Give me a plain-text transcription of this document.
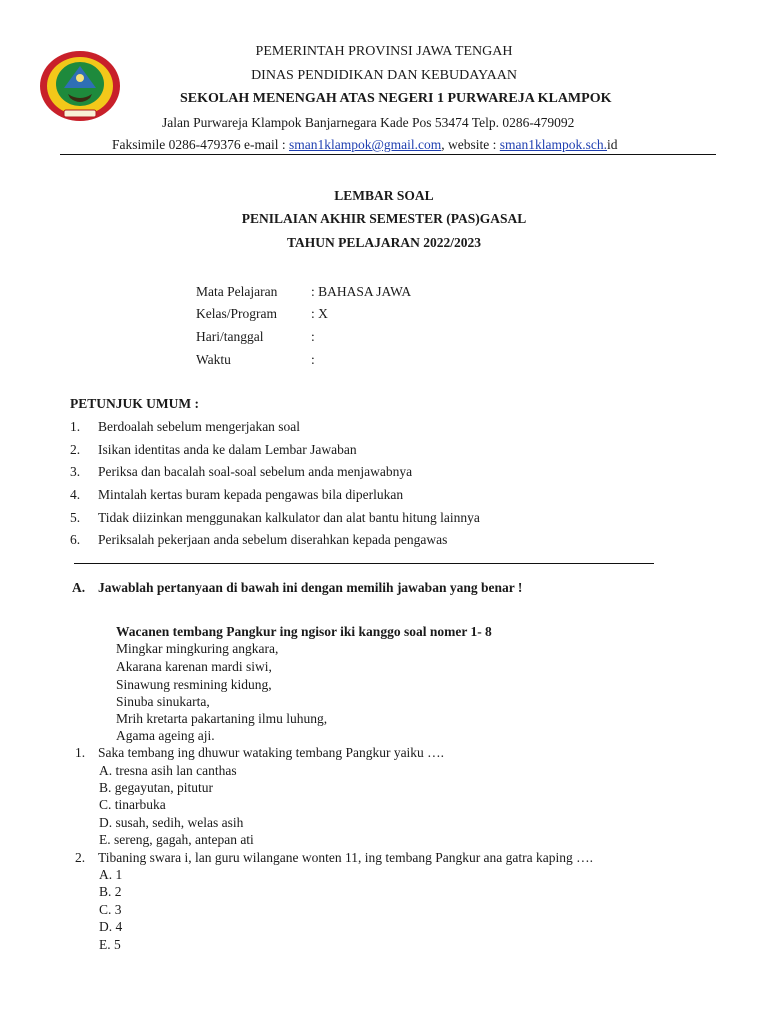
PEMERINTAH PROVINSI JAWA TENGAH
DINAS PENDIDIKAN DAN KEBUDAYAAN
SEKOLAH MENENGAH ATAS NEGERI 1 PURWAREJA KLAMPOK
Jalan Purwareja Klampok Banjarnegara Kade Pos 53474 Telp. 0286-479092
Faksimile 0286-479376 e-mail : sman1klampok@gmail.com, website : sman1klampok.sch.id
LEMBAR SOAL
PENILAIAN AKHIR SEMESTER (PAS)GASAL
TAHUN PELAJARAN 2022/2023
Mata Pelajaran : BAHASA JAWA
Kelas/Program	: X
Hari/tanggal	:
Waktu	:
PETUNJUK UMUM :
1. Berdoalah sebelum mengerjakan soal
2. Isikan identitas anda ke dalam Lembar Jawaban
3. Periksa dan bacalah soal-soal sebelum anda menjawabnya
4. Mintalah kertas buram kepada pengawas bila diperlukan
5. Tidak diizinkan menggunakan kalkulator dan alat bantu hitung lainnya
6. Periksalah pekerjaan anda sebelum diserahkan kepada pengawas
A. Jawablah pertanyaan di bawah ini dengan memilih jawaban yang benar !
Wacanen tembang Pangkur ing ngisor iki kanggo soal nomer 1- 8
Mingkar mingkuring angkara,
Akarana karenan mardi siwi,
Sinawung resmining kidung,
Sinuba sinukarta,
Mrih kretarta pakartaning ilmu luhung,
Agama ageing aji.
1. Saka tembang ing dhuwur wataking tembang Pangkur yaiku ….
A. tresna asih lan canthas
B. gegayutan, pitutur
C. tinarbuka
D. susah, sedih, welas asih
E. sereng, gagah, antepan ati
2. Tibaning swara i, lan guru wilangane wonten 11, ing tembang Pangkur ana gatra kaping ….
A. 1
B. 2
C. 3
D. 4
E. 5
